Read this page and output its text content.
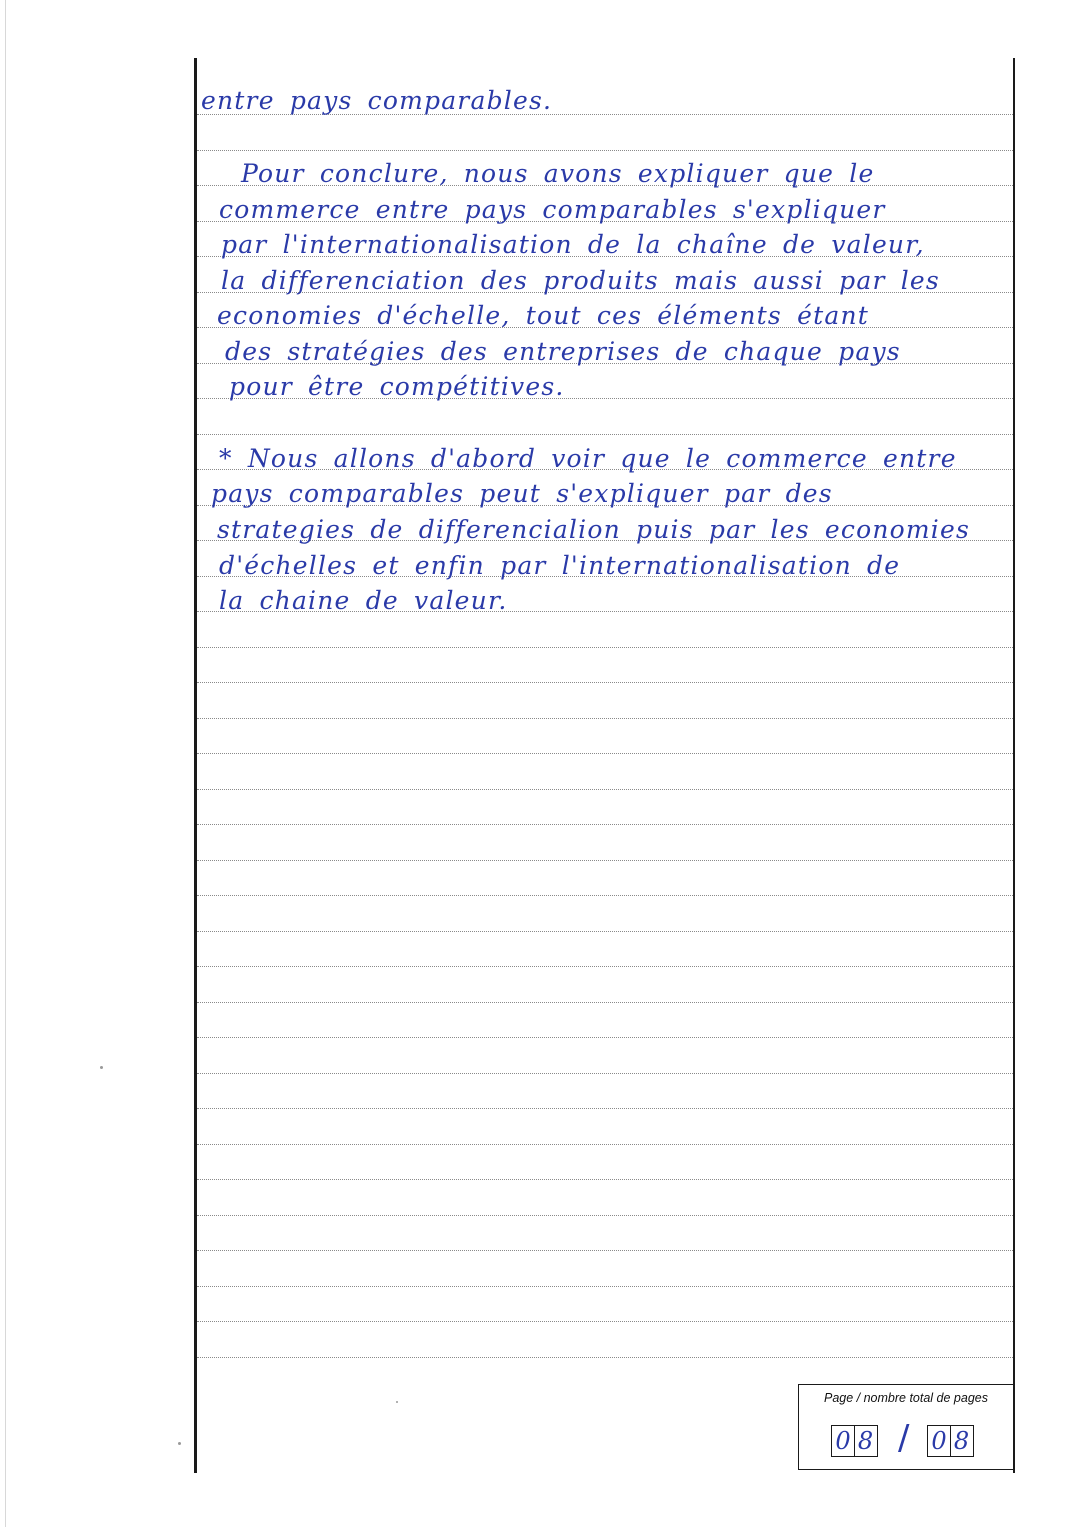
entre pays comparables.
Pour conclure, nous avons expliquer que le
commerce entre pays comparables s'expliquer
par l'internationalisation de la chaîne de valeur,
la differenciation des produits mais aussi par les
economies d'échelle, tout ces éléments étant
des stratégies des entreprises de chaque pays
pour être compétitives.
* Nous allons d'abord voir que le commerce entre
pays comparables peut s'expliquer par des
strategies de differencialion puis par les economies
d'échelles et enfin par l'internationalisation de
la chaine de valeur.
Page / nombre total de pages
0 8 / 0 8
